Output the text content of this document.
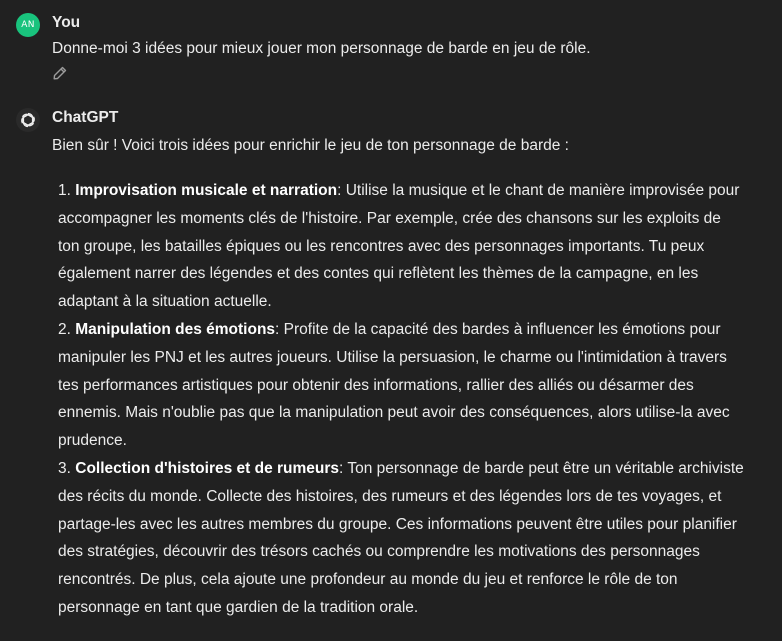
AN	You
Donne-moi 3 idées pour mieux jouer mon personnage de barde en jeu de rôle.
ChatGPT
Bien sûr ! Voici trois idées pour enrichir le jeu de ton personnage de barde :

1. Improvisation musicale et narration: Utilise la musique et le chant de manière improvisée pour accompagner les moments clés de l'histoire. Par exemple, crée des chansons sur les exploits de ton groupe, les batailles épiques ou les rencontres avec des personnages importants. Tu peux également narrer des légendes et des contes qui reflètent les thèmes de la campagne, en les adaptant à la situation actuelle.

2. Manipulation des émotions: Profite de la capacité des bardes à influencer les émotions pour manipuler les PNJ et les autres joueurs. Utilise la persuasion, le charme ou l'intimidation à travers tes performances artistiques pour obtenir des informations, rallier des alliés ou désarmer des ennemis. Mais n'oublie pas que la manipulation peut avoir des conséquences, alors utilise-la avec prudence.

3. Collection d'histoires et de rumeurs: Ton personnage de barde peut être un véritable archiviste des récits du monde. Collecte des histoires, des rumeurs et des légendes lors de tes voyages, et partage-les avec les autres membres du groupe. Ces informations peuvent être utiles pour planifier des stratégies, découvrir des trésors cachés ou comprendre les motivations des personnages rencontrés. De plus, cela ajoute une profondeur au monde du jeu et renforce le rôle de ton personnage en tant que gardien de la tradition orale.
